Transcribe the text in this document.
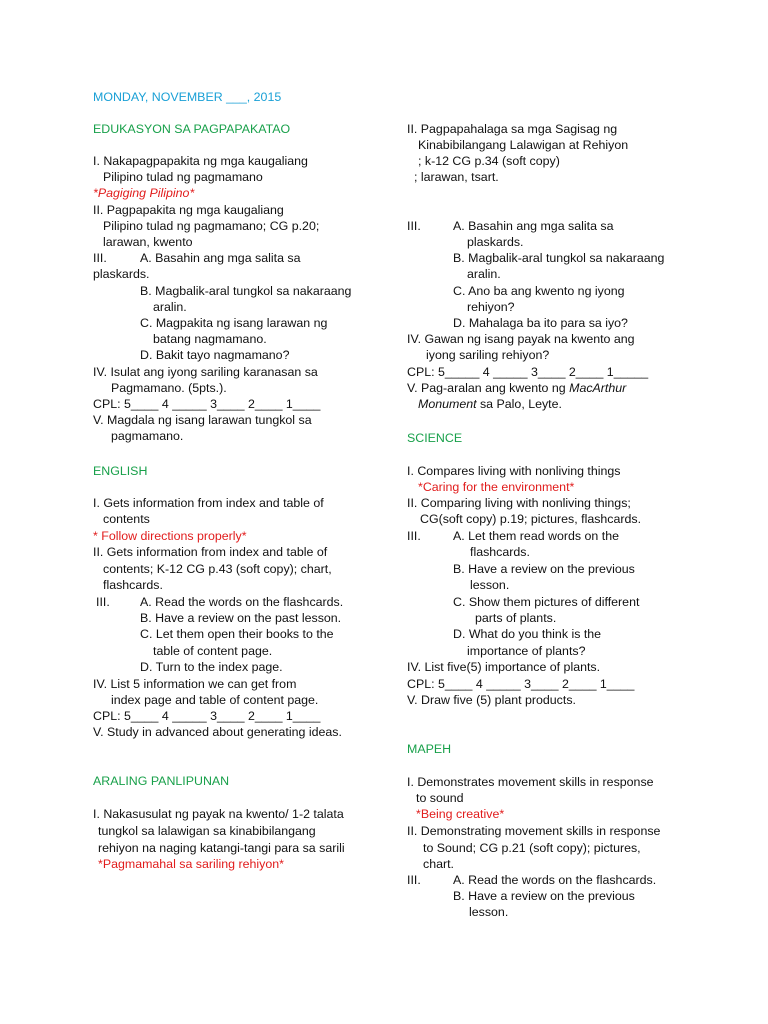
MONDAY, NOVEMBER ___, 2015
EDUKASYON SA PAGPAPAKATAO
I. Nakapagpapakita ng mga kaugaliang
Pilipino tulad ng pagmamano
*Pagiging Pilipino*
II. Pagpapakita ng mga kaugaliang
Pilipino tulad ng pagmamano; CG p.20;
larawan, kwento
III.	A. Basahin ang mga salita sa
plaskards.
B. Magbalik-aral tungkol sa nakaraang
aralin.
C. Magpakita ng isang larawan ng
batang nagmamano.
D. Bakit tayo nagmamano?
IV. Isulat ang iyong sariling karanasan sa
Pagmamano. (5pts.).
CPL: 5____ 4 _____ 3____ 2____ 1____
V. Magdala ng isang larawan tungkol sa
pagmamano.
ENGLISH
I. Gets information from index and table of
contents
* Follow directions properly*
II. Gets information from index and table of
contents; K-12 CG p.43 (soft copy); chart,
flashcards.
III. A. Read the words on the flashcards.
B. Have a review on the past lesson.
C. Let them open their books to the
table of content page.
D. Turn to the index page.
IV. List 5 information we can get from
index page and table of content page.
CPL: 5____ 4 _____ 3____ 2____ 1____
V. Study in advanced about generating ideas.
ARALING PANLIPUNAN
I. Nakasusulat ng payak na kwento/ 1-2 talata
tungkol sa lalawigan sa kinabibilangang
rehiyon na naging katangi-tangi para sa sarili
*Pagmamahal sa sariling rehiyon*
II. Pagpapahalaga sa mga Sagisag ng
Kinabibilangang Lalawigan at Rehiyon
; k-12 CG p.34 (soft copy)
; larawan, tsart.
III.	A. Basahin ang mga salita sa
plaskards.
B. Magbalik-aral tungkol sa nakaraang
aralin.
C. Ano ba ang kwento ng iyong
rehiyon?
D. Mahalaga ba ito para sa iyo?
IV. Gawan ng isang payak na kwento ang
iyong sariling rehiyon?
CPL: 5_____ 4 _____ 3____ 2____ 1_____
V. Pag-aralan ang kwento ng MacArthur
Monument sa Palo, Leyte.
SCIENCE
I. Compares living with nonliving things
*Caring for the environment*
II. Comparing living with nonliving things;
CG(soft copy) p.19; pictures, flashcards.
III.	A. Let them read words on the
flashcards.
B. Have a review on the previous
lesson.
C. Show them pictures of different
parts of plants.
D. What do you think is the
importance of plants?
IV. List five(5) importance of plants.
CPL: 5____ 4 _____ 3____ 2____ 1____
V. Draw five (5) plant products.
MAPEH
I. Demonstrates movement skills in response
to sound
*Being creative*
II. Demonstrating movement skills in response
to Sound; CG p.21 (soft copy); pictures,
chart.
III.	A. Read the words on the flashcards.
B. Have a review on the previous
lesson.
